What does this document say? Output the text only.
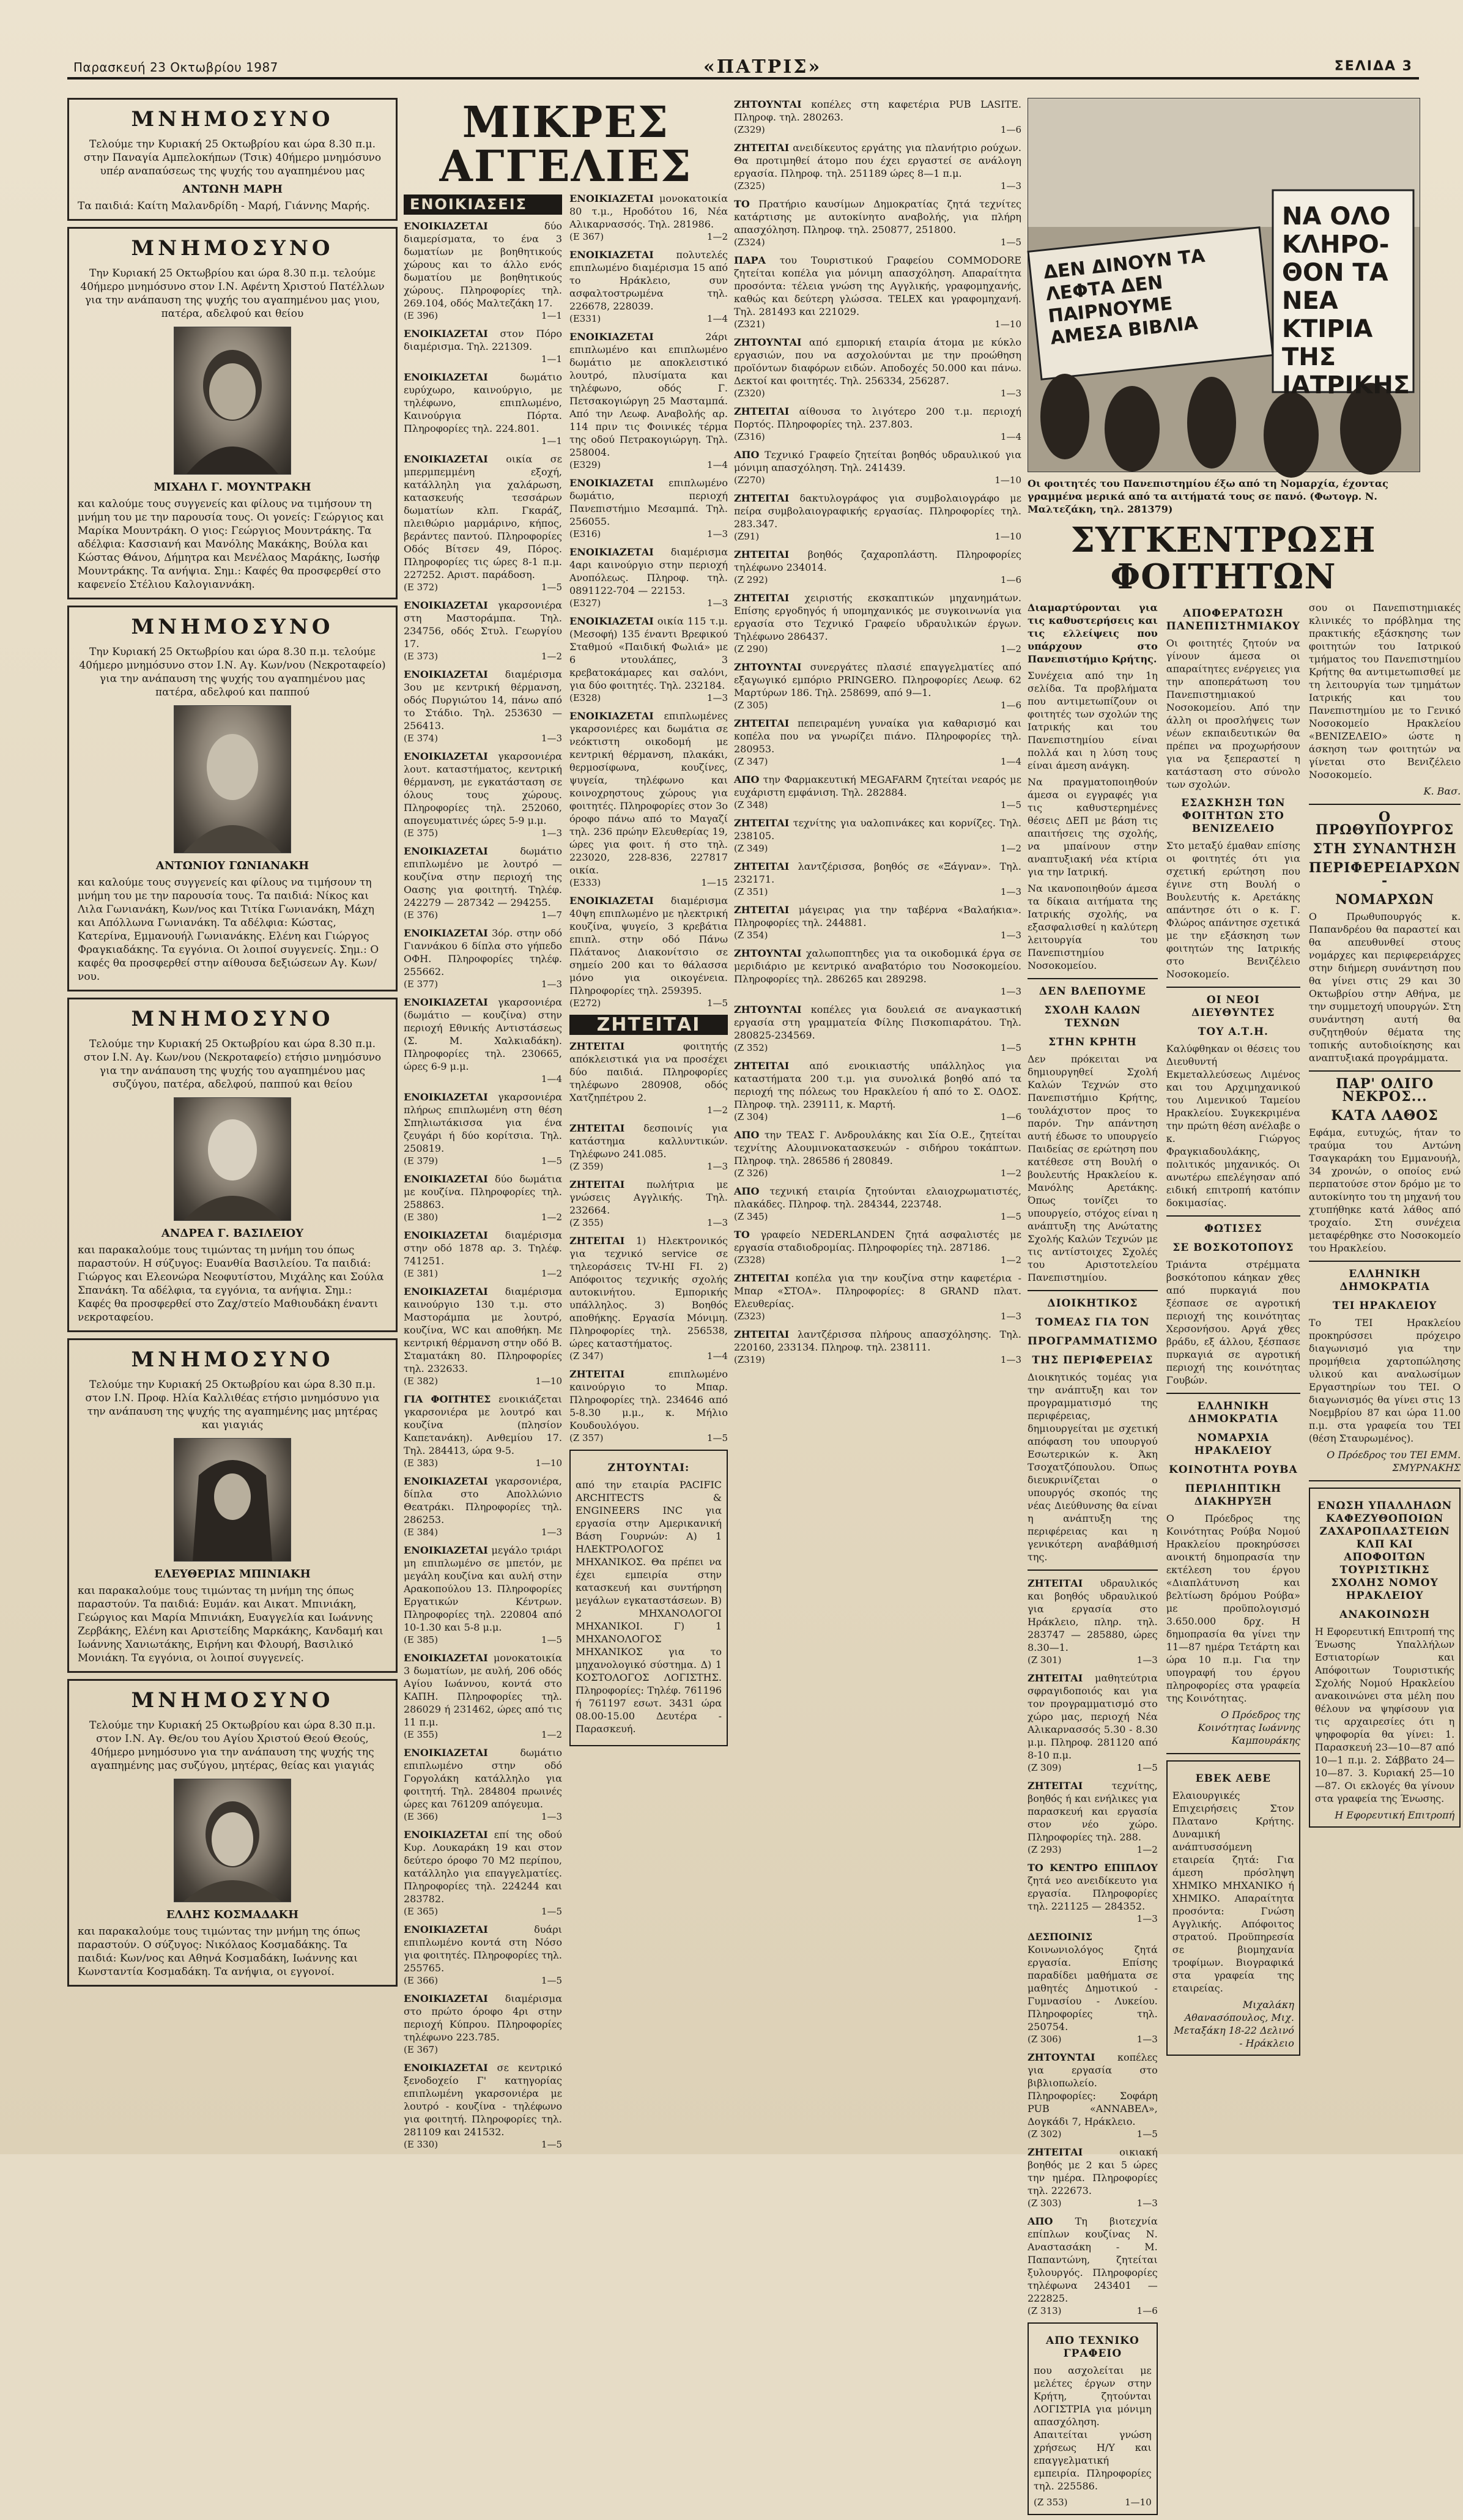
Παρασκευή 23 Οκτωβρίου 1987	«ΠΑΤΡΙΣ»	ΣΕΛΙΔΑ 3
ΜΝΗΜΟΣΥΝΟ
Τελούμε την Κυριακή 25 Οκτωβρίου και ώρα 8.30 π.μ. στην Παναγία Αμπελοκήπων (Τσικ) 40ήμερο μνημόσυνο υπέρ αναπαύσεως της ψυχής του αγαπημένου μας
ΑΝΤΩΝΗ ΜΑΡΗ
Τα παιδιά: Καίτη Μαλανδρίδη - Μαρή, Γιάννης Μαρής.
ΜΝΗΜΟΣΥΝΟ
Την Κυριακή 25 Οκτωβρίου και ώρα 8.30 π.μ. τελούμε 40ήμερο μνημόσυνο στον Ι.Ν. Αφέντη Χριστού Πατέλλων για την ανάπαυση της ψυχής του αγαπημένου μας γιου, πατέρα, αδελφού και θείου
ΜΙΧΑΗΛ Γ. ΜΟΥΝΤΡΑΚΗ
και καλούμε τους συγγενείς και φίλους να τιμήσουν τη μνήμη του με την παρουσία τους. Οι γονείς: Γεώργιος και Μαρίκα Μουντράκη. Ο γιος: Γεώργιος Μουντράκης. Τα αδέλφια: Κασσιανή και Μανόλης Μακάκης, Βούλα και Κώστας Θάνου, Δήμητρα και Μενέλαος Μαράκης, Ιωσήφ Μουντράκης. Τα ανήψια. Σημ.: Καφές θα προσφερθεί στο καφενείο Στέλιου Καλογιαννάκη.
ΜΝΗΜΟΣΥΝΟ
Την Κυριακή 25 Οκτωβρίου και ώρα 8.30 π.μ. τελούμε 40ήμερο μνημόσυνο στον Ι.Ν. Αγ. Κων/νου (Νεκροταφείο) για την ανάπαυση της ψυχής του αγαπημένου μας πατέρα, αδελφού και παππού
ΑΝΤΩΝΙΟΥ ΓΩΝΙΑΝΑΚΗ
και καλούμε τους συγγενείς και φίλους να τιμήσουν τη μνήμη του με την παρουσία τους. Τα παιδιά: Νίκος και Λιλα Γωνιανάκη, Κων/νος και Τιτίκα Γωνιανάκη, Μάχη και Απόλλωνα Γωνιανάκη. Τα αδέλφια: Κώστας, Κατερίνα, Εμμανουήλ Γωνιανάκης. Ελένη και Γιώργος Φραγκιαδάκης. Τα εγγόνια. Οι λοιποί συγγενείς. Σημ.: Ο καφές θα προσφερθεί στην αίθουσα δεξιώσεων Αγ. Κων/νου.
ΜΝΗΜΟΣΥΝΟ
Τελούμε την Κυριακή 25 Οκτωβρίου και ώρα 8.30 π.μ. στον Ι.Ν. Αγ. Κων/νου (Νεκροταφείο) ετήσιο μνημόσυνο για την ανάπαυση της ψυχής του αγαπημένου μας συζύγου, πατέρα, αδελφού, παππού και θείου
ΑΝΔΡΕΑ Γ. ΒΑΣΙΛΕΙΟΥ
και παρακαλούμε τους τιμώντας τη μνήμη του όπως παραστούν. Η σύζυγος: Ευανθία Βασιλείου. Τα παιδιά: Γιώργος και Ελεονώρα Νεοφυτίστου, Μιχάλης και Σούλα Σπανάκη. Τα αδέλφια, τα εγγόνια, τα ανήψια. Σημ.: Καφές θα προσφερθεί στο Ζαχ/στείο Μαθιουδάκη έναντι νεκροταφείου.
ΜΝΗΜΟΣΥΝΟ
Τελούμε την Κυριακή 25 Οκτωβρίου και ώρα 8.30 π.μ. στον Ι.Ν. Προφ. Ηλία Καλλιθέας ετήσιο μνημόσυνο για την ανάπαυση της ψυχής της αγαπημένης μας μητέρας και γιαγιάς
ΕΛΕΥΘΕΡΙΑΣ ΜΠΙΝΙΑΚΗ
και παρακαλούμε τους τιμώντας τη μνήμη της όπως παραστούν. Τα παιδιά: Ευμάν. και Αικατ. Μπινιάκη, Γεώργιος και Μαρία Μπινιάκη, Ευαγγελία και Ιωάννης Ζερβάκης, Ελένη και Αριστείδης Μαρκάκης, Κανδαμή και Ιωάννης Χανιωτάκης, Ειρήνη και Φλουρή, Βασιλικό Μονιάκη. Τα εγγόνια, οι λοιποί συγγενείς.
ΜΝΗΜΟΣΥΝΟ
Τελούμε την Κυριακή 25 Οκτωβρίου και ώρα 8.30 π.μ. στον Ι.Ν. Αγ. Θε/ου του Αγίου Χριστού Θεού Θεούς, 40ήμερο μνημόσυνο για την ανάπαυση της ψυχής της αγαπημένης μας συζύγου, μητέρας, θείας και γιαγιάς
ΕΛΛΗΣ ΚΟΣΜΑΔΑΚΗ
και παρακαλούμε τους τιμώντας την μνήμη της όπως παραστούν. Ο σύζυγος: Νικόλαος Κοσμαδάκης. Τα παιδιά: Κων/νος και Αθηνά Κοσμαδάκη, Ιωάννης και Κωνσταντία Κοσμαδάκη. Τα ανήψια, οι εγγονοί.
ΜΙΚΡΕΣ ΑΓΓΕΛΙΕΣ
ΕΝΟΙΚΙΑΣΕΙΣ
ΕΝΟΙΚΙΑΖΕΤΑΙ	δύο διαμερίσματα, το ένα 3 δωματίων με βοηθητικούς χώρους και το άλλο ενός δωματίου με βοηθητικούς χώρους. Πληροφορίες τηλ. 269.104, οδός Μαλτεζάκη 17.
(Ε 396)	1—1
ΕΝΟΙΚΙΑΖΕΤΑΙ στον Πόρο διαμέρισμα. Τηλ. 221309.
1—1
ΕΝΟΙΚΙΑΖΕΤΑΙ	δωμάτιο ευρύχωρο, καινούργιο, με τηλέφωνο, επιπλωμένο, Καινούργια Πόρτα. Πληροφορίες τηλ. 224.801.
1—1
ΕΝΟΙΚΙΑΖΕΤΑΙ οικία σε μπερμπεμμένη εξοχή, κατάλληλη για χαλάρωση, κατασκευής τεσσάρων δωματίων κλπ. Γκαράζ, πλειθώριο μαρμάρινο, κήπος, βεράντες παντού. Πληροφορίες Οδός Βίτσεν 49, Πόρος. Πληροφορίες τις ώρες 8-1 π.μ. 227252. Αριστ. παράδοση.
(Ε 372)	1—5
ΕΝΟΙΚΙΑΖΕΤΑΙ γκαρσονιέρα στη Μαστοράμπα. Τηλ. 234756, οδός Στυλ. Γεωργίου 17.
(Ε 373)	1—2
ΕΝΟΙΚΙΑΖΕΤΑΙ διαμέρισμα 3ου με κεντρική θέρμανση, οδός Πυργιώτου 14, πάνω από το Στάδιο. Τηλ. 253630 — 256413.
(Ε 374)	1—3
ΕΝΟΙΚΙΑΖΕΤΑΙ γκαρσονιέρα λουτ. καταστήματος, κεντρική θέρμανση, με εγκατάσταση σε όλους τους χώρους. Πληροφορίες τηλ. 252060, απογευματινές ώρες 5-9 μ.μ.
(Ε 375)	1—3
ΕΝΟΙΚΙΑΖΕΤΑΙ	δωμάτιο επιπλωμένο με λουτρό — κουζίνα στην περιοχή της Οασης για φοιτητή. Τηλέφ. 242279 — 287342 — 294255.
(Ε 376)	1—7
ΕΝΟΙΚΙΑΖΕΤΑΙ 3όρ. στην οδό Γιαννάκου 6 δίπλα στο γήπεδο ΟΦΗ. Πληροφορίες τηλέφ. 255662.
(Ε 377)	1—3
ΕΝΟΙΚΙΑΖΕΤΑΙ γκαρσονιέρα (δωμάτιο — κουζίνα) στην περιοχή Εθνικής Αντιστάσεως (Σ. Μ. Χαλκιαδάκη). Πληροφορίες τηλ. 230665, ώρες 6-9 μ.μ.
1—4
ΕΝΟΙΚΙΑΖΕΤΑΙ γκαρσονιέρα πλήρως επιπλωμένη στη θέση Σπηλιωτάκισσα για ένα ζευγάρι ή δύο κορίτσια. Τηλ. 250819.
(Ε 379)	1—5
ΕΝΟΙΚΙΑΖΕΤΑΙ δύο δωμάτια με κουζίνα. Πληροφορίες τηλ. 258863.
(Ε 380)	1—2
ΕΝΟΙΚΙΑΖΕΤΑΙ διαμέρισμα στην οδό 1878 αρ. 3. Τηλέφ. 741251.
(Ε 381)	1—2
ΕΝΟΙΚΙΑΖΕΤΑΙ διαμέρισμα καινούργιο 130 τ.μ. στο Μαστοράμπα με λουτρό, κουζίνα, WC και αποθήκη. Με κεντρική θέρμανση στην οδό Β. Σταματάκη 80. Πληροφορίες τηλ. 232633.
(Ε 382)	1—10
ΓΙΑ ΦΟΙΤΗΤΕΣ ενοικιάζεται γκαρσονιέρα με λουτρό και κουζίνα (πλησίον Καπετανάκη). Ανθεμίου 17. Τηλ. 284413, ώρα 9-5.
(Ε 383)	1—10
ΕΝΟΙΚΙΑΖΕΤΑΙ γκαρσονιέρα, δίπλα στο Απολλώνιο Θεατράκι. Πληροφορίες τηλ. 286253.
(Ε 384)	1—3
ΕΝΟΙΚΙΑΖΕΤΑΙ μεγάλο τριάρι μη επιπλωμένο σε μπετόν, με μεγάλη κουζίνα και αυλή στην Αρακοπούλου 13. Πληροφορίες Εργατικών Κέντρων. Πληροφορίες τηλ. 220804 από 10-1.30 και 5-8 μ.μ.
(Ε 385)	1—5
ΕΝΟΙΚΙΑΖΕΤΑΙ μονοκατοικία 3 δωματίων, με αυλή, 206 οδός Αγίου Ιωάννου, κοντά στο ΚΑΠΗ. Πληροφορίες τηλ. 286029 ή 231462, ώρες από τις 11 π.μ.
(Ε 355)	1—2
ΕΝΟΙΚΙΑΖΕΤΑΙ	δωμάτιο επιπλωμένο στην οδό Γοργολάκη κατάλληλο για φοιτητή. Τηλ. 284804 πρωινές ώρες και 761209 απόγευμα.
(Ε 366)	1—3
ΕΝΟΙΚΙΑΖΕΤΑΙ επί της οδού Κυρ. Λουκαράκη 19 και στον δεύτερο όροφο 70 Μ2 περίπου, κατάλληλο για επαγγελματίες. Πληροφορίες τηλ. 224244 και 283782.
(Ε 365)	1—5
ΕΝΟΙΚΙΑΖΕΤΑΙ	δυάρι επιπλωμένο κοντά στη Νόσο για φοιτητές. Πληροφορίες τηλ. 255765.
(Ε 366)	1—5
ΕΝΟΙΚΙΑΖΕΤΑΙ διαμέρισμα στο πρώτο όροφο 4ρι στην περιοχή Κύπρου. Πληροφορίες τηλέφωνο 223.785.
(Ε 367)
ΕΝΟΙΚΙΑΖΕΤΑΙ σε κεντρικό ξενοδοχείο Γ' κατηγορίας επιπλωμένη γκαρσονιέρα με λουτρό - κουζίνα - τηλέφωνο για φοιτητή. Πληροφορίες τηλ. 281109 και 241532.
(Ε 330)	1—5
ΕΝΟΙΚΙΑΖΕΤΑΙ μονοκατοικία 80 τ.μ., Ηροδότου 16, Νέα Αλικαρνασσός. Τηλ. 281986.
(Ε 367)	1—2
ΕΝΟΙΚΙΑΖΕΤΑΙ πολυτελές επιπλωμένο διαμέρισμα 15 από το Ηράκλειο, συν ασφαλτοστρωμένα τηλ. 226678, 228039.
(Ε331)	1—4
ΕΝΟΙΚΙΑΖΕΤΑΙ	2άρι επιπλωμένο και επιπλωμένο δωμάτιο με αποκλειστικό λουτρό, πλυσίματα και τηλέφωνο, οδός Γ. Πετσακογιώργη 25 Μασταμπά. Από την Λεωφ. Αναβολής αρ. 114 πριν τις Φοινικές τέρμα της οδού Πετρακογιώργη. Τηλ. 258004.
(Ε329)	1—4
ΕΝΟΙΚΙΑΖΕΤΑΙ επιπλωμένο δωμάτιο, περιοχή Πανεπιστήμιο Μεσαμπά. Τηλ. 256055.
(Ε316)	1—3
ΕΝΟΙΚΙΑΖΕΤΑΙ διαμέρισμα 4αρι καινούργιο στην περιοχή Ανοπόλεως. Πληροφ. τηλ. 0891122-704 — 22153.
(Ε327)	1—3
ΕΝΟΙΚΙΑΖΕΤΑΙ οικία 115 τ.μ. (Μεσοφή) 135 έναντι Βρεφικού Σταθμού «Παιδική Φωλιά» με 6 ντουλάπες, 3 κρεβατοκάμαρες και σαλόνι, για δύο φοιτητές. Τηλ. 232184.
(Ε328)	1—3
ΕΝΟΙΚΙΑΖΕΤΑΙ επιπλωμένες γκαρσονιέρες και δωμάτια σε νεόκτιστη οικοδομή με κεντρική θέρμανση, πλακάκι, θερμοσίφωνα, κουζίνες, ψυγεία, τηλέφωνο και κοινοχρηστους χώρους για φοιτητές. Πληροφορίες στον 3ο όροφο πάνω από το Μαγαζί τηλ. 236 πρώην Ελευθερίας 19, ώρες για φοιτ. ή στο τηλ. 223020, 228-836, 227817 οικία.
(Ε333)	1—15
ΕΝΟΙΚΙΑΖΕΤΑΙ διαμέρισμα 40ψη επιπλωμένο με ηλεκτρική κουζίνα, ψυγείο, 3 κρεβάτια επιπλ. στην οδό Πάνω Πλάτανος Διακονίτσιο σε σημείο 200 και το θάλασσα μόνο για οικογένεια. Πληροφορίες τηλ. 259395.
(Ε272)	1—5
ΖΗΤΕΙΤΑΙ
ΖΗΤΕΙΤΑΙ	φοιτητής απόκλειστικά για να προσέχει δύο παιδιά. Πληροφορίες τηλέφωνο 280908, οδός Χατζηπέτρου 2.
1—2
ΖΗΤΕΙΤΑΙ δεσποινίς για κατάστημα καλλυντικών. Τηλέφωνο 241.085.
(Ζ 359)	1—3
ΖΗΤΕΙΤΑΙ πωλήτρια με γνώσεις Αγγλικής. Τηλ. 232664.
(Ζ 355)	1—3
ΖΗΤΕΙΤΑΙ 1) Ηλεκτρονικός για τεχνικό service σε τηλεοράσεις TV-HI FI. 2) Απόφοιτος τεχνικής σχολής αυτοκινήτου. Εμπορικής υπάλληλος. 3) Βοηθός αποθήκης. Εργασία Μόνιμη. Πληροφορίες τηλ. 256538, ώρες καταστήματος.
(Ζ 347)	1—4
ΖΗΤΕΙΤΑΙ	επιπλωμένο καινούργιο το Μπαρ. Πληροφορίες τηλ. 234646 από 5-8.30 μ.μ., κ. Μήλιο Κουδουλόγου.
(Ζ 357)	1—5
ΖΗΤΟΥΝΤΑΙ:
από την εταιρία PACIFIC ARCHITECTS & ENGINEERS INC για εργασία στην Αμερικανική Βάση Γουρνών: Α) 1 ΗΛΕΚΤΡΟΛΟΓΟΣ ΜΗΧΑΝΙΚΟΣ. Θα πρέπει να έχει εμπειρία στην κατασκευή και συντήρηση μεγάλων εγκαταστάσεων. Β) 2 ΜΗΧΑΝΟΛΟΓΟΙ ΜΗΧΑΝΙΚΟΙ. Γ) 1 ΜΗΧΑΝΟΛΟΓΟΣ ΜΗΧΑΝΙΚΟΣ για το μηχανολογικό σύστημα. Δ) 1 ΚΟΣΤΟΛΟΓΟΣ ΛΟΓΙΣΤΗΣ. Πληροφορίες: Τηλέφ. 761196 ή 761197 εσωτ. 3431 ώρα 08.00-15.00 Δευτέρα - Παρασκευή.
ΖΗΤΟΥΝΤΑΙ κοπέλες στη καφετέρια PUB LASITE. Πληροφ. τηλ. 280263.
(Ζ329)	1—6
ΖΗΤΕΙΤΑΙ ανειδίκευτος εργάτης για πλανήτριο ρούχων. Θα προτιμηθεί άτομο που έχει εργαστεί σε ανάλογη εργασία. Πληροφ. τηλ. 251189 ώρες 8—1 π.μ.
(Ζ325)	1—3
ΤΟ Πρατήριο καυσίμων Δημοκρατίας ζητά τεχνίτες κατάρτισης με αυτοκίνητο αναβολής, για πλήρη απασχόληση. Πληροφ. τηλ. 250877, 251800.
(Ζ324)	1—5
ΠΑΡΑ του Τουριστικού Γραφείου COMMODORE ζητείται κοπέλα για μόνιμη απασχόληση. Απαραίτητα προσόντα: τέλεια γνώση της Αγγλικής, γραφομηχανής, καθώς και δεύτερη γλώσσα. TELEX και γραφομηχανή. Τηλ. 281493 και 221029.
(Ζ321)	1—10
ΖΗΤΟΥΝΤΑΙ από εμπορική εταιρία άτομα με κύκλο εργασιών, που να ασχολούνται με την προώθηση προϊόντων διαφόρων ειδών. Αποδοχές 50.000 και πάνω. Δεκτοί και φοιτητές. Τηλ. 256334, 256287.
(Ζ320)	1—3
ΖΗΤΕΙΤΑΙ αίθουσα το λιγότερο 200 τ.μ. περιοχή Πορτός. Πληροφορίες τηλ. 237.803.
(Ζ316)	1—4
ΑΠΟ Τεχνικό Γραφείο ζητείται βοηθός υδραυλικού για μόνιμη απασχόληση. Τηλ. 241439.
(Ζ270)	1—10
ΖΗΤΕΙΤΑΙ δακτυλογράφος για συμβολαιογράφο με πείρα συμβολαιογραφικής εργασίας. Πληροφορίες τηλ. 283.347.
(Ζ91)	1—10
ΖΗΤΕΙΤΑΙ βοηθός ζαχαροπλάστη. Πληροφορίες τηλέφωνο 234014.
(Ζ 292)	1—6
ΖΗΤΕΙΤΑΙ χειριστής εκσκαπτικών μηχανημάτων. Επίσης εργοδηγός ή υπομηχανικός με συγκοινωνία για εργασία στο Τεχνικό Γραφείο υδραυλικών έργων. Τηλέφωνο 286437.
(Ζ 290)	1—2
ΖΗΤΟΥΝΤΑΙ συνεργάτες πλασιέ επαγγελματίες από εξαγωγικό εμπόριο PRINGERO. Πληροφορίες Λεωφ. 62 Μαρτύρων 186. Τηλ. 258699, από 9—1.
(Ζ 305)	1—6
ΖΗΤΕΙΤΑΙ πεπειραμένη γυναίκα για καθαρισμό και κοπέλα που να γνωρίζει πιάνο. Πληροφορίες τηλ. 280953.
(Ζ 347)	1—4
ΑΠΟ την Φαρμακευτική MEGAFARM ζητείται νεαρός με ευχάριστη εμφάνιση. Τηλ. 282884.
(Ζ 348)	1—5
ΖΗΤΕΙΤΑΙ τεχνίτης για υαλοπινάκες και κορνίζες. Τηλ. 238105.
(Ζ 349)	1—2
ΖΗΤΕΙΤΑΙ λαντζέρισσα, βοηθός σε «Ξάγναν». Τηλ. 232171.
(Ζ 351)	1—3
ΖΗΤΕΙΤΑΙ μάγειρας για την ταβέρνα «Βαλαήκια». Πληροφορίες τηλ. 244881.
(Ζ 354)	1—3
ΖΗΤΟΥΝΤΑΙ χαλωποπτηδες για τα οικοδομικά έργα σε μεριδιάριο με κεντρικό αναβατόριο του Νοσοκομείου. Πληροφορίες τηλ. 286265 και 289298.
1—3
ΖΗΤΟΥΝΤΑΙ κοπέλες για δουλειά σε αναγκαστική εργασία στη γραμματεία Φίλης Πισκοπιαράτου. Τηλ. 280825-234569.
(Ζ 352)	1—5
ΖΗΤΕΙΤΑΙ από ενοικιαστής υπάλληλος για καταστήματα 200 τ.μ. για συνολικά βοηθό από τα περιοχή της πόλεως του Ηρακλείου ή από το Σ. ΟΔΟΣ. Πληροφ. τηλ. 239111, κ. Μαρτή.
(Ζ 304)	1—6
ΑΠΟ την ΤΕΑΣ Γ. Ανδρουλάκης και Σία Ο.Ε., ζητείται τεχνίτης Αλουμινοκατασκευών - σιδήρου τοκάπτων. Πληροφ. τηλ. 286586 ή 280849.
(Ζ 326)	1—2
ΑΠΟ τεχνική εταιρία ζητούνται ελαιοχρωματιστές, πλακάδες. Πληροφ. τηλ. 284344, 223748.
(Ζ 345)	1—5
ΤΟ γραφείο NEDERLANDEN ζητά ασφαλιστές με εργασία σταδιοδρομίας. Πληροφορίες τηλ. 287186.
(Ζ328)	1—2
ΖΗΤΕΙΤΑΙ κοπέλα για την κουζίνα στην καφετέρια - Μπαρ «ΣΤΟΑ». Πληροφορίες: 8 GRAND πλατ. Ελευθερίας.
(Ζ323)	1—3
ΖΗΤΕΙΤΑΙ λαντζέρισσα πλήρους απασχόλησης. Τηλ. 220160, 233134. Πληροφ. τηλ. 238111.
(Ζ319)	1—3
ΔΕΝ ΔΙΝΟΥΝ ΤΑ ΛΕΦΤΑ ΔΕΝ ΠΑΙΡΝΟΥΜΕ ΑΜΕΣΑ ΒΙΒΛΙΑ
ΝΑ ΟΛΟ ΚΛΗΡΟ-ΘΟΝ ΤΑ ΝΕΑ ΚΤΙΡΙΑ ΤΗΣ ΙΑΤΡΙΚΗΣ
Οι φοιτητές του Πανεπιστημίου έξω από τη Νομαρχία, έχοντας γραμμένα μερικά από τα αιτήματά τους σε πανό. (Φωτογρ. Ν. Μαλτεζάκη, τηλ. 281379)
ΣΥΓΚΕΝΤΡΩΣΗ ΦΟΙΤΗΤΩΝ

Διαμαρτύρονται για τις καθυστερήσεις και τις ελλείψεις που υπάρχουν στο Πανεπιστήμιο Κρήτης.

Συνέχεια από την 1η σελίδα. Τα προβλήματα που αντιμετωπίζουν οι φοιτητές των σχολών της Ιατρικής και του Πανεπιστημίου είναι πολλά και η λύση τους είναι άμεση ανάγκη.

Να πραγματοποιηθούν άμεσα οι εγγραφές για τις καθυστερημένες θέσεις ΔΕΠ με βάση τις απαιτήσεις της σχολής, να μπαίνουν στην αναπτυξιακή νέα κτίρια για την Ιατρική.

Να ικανοποιηθούν άμεσα τα δίκαια αιτήματα της Ιατρικής σχολής, να εξασφαλισθεί η καλύτερη λειτουργία του Πανεπιστημίου Νοσοκομείου.

ΔΕΝ ΒΛΕΠΟΥΜΕ
ΣΧΟΛΗ ΚΑΛΩΝ ΤΕΧΝΩΝ
ΣΤΗΝ ΚΡΗΤΗ

Δεν πρόκειται να δημιουργηθεί Σχολή Καλών Τεχνών στο Πανεπιστήμιο Κρήτης, τουλάχιστον προς το παρόν. Την απάντηση αυτή έδωσε το υπουργείο Παιδείας σε ερώτηση που κατέθεσε στη Βουλή ο βουλευτής Ηρακλείου κ. Μανόλης Αρετάκης. Όπως τονίζει το υπουργείο, στόχος είναι η ανάπτυξη της Ανώτατης Σχολής Καλών Τεχνών με τις αντίστοιχες Σχολές του Αριστοτελείου Πανεπιστημίου.

ΔΙΟΙΚΗΤΙΚΟΣ
ΤΟΜΕΑΣ ΓΙΑ ΤΟΝ
ΠΡΟΓΡΑΜΜΑΤΙΣΜΟ
ΤΗΣ ΠΕΡΙΦΕΡΕΙΑΣ

Διοικητικός τομέας για την ανάπτυξη και τον προγραμματισμό της περιφέρειας, δημιουργείται με σχετική απόφαση του υπουργού Εσωτερικών κ. Άκη Τσοχατζόπουλου. Όπως διευκρινίζεται ο υπουργός σκοπός της νέας Διεύθυνσης θα είναι η ανάπτυξη της περιφέρειας και η γενικότερη αναβάθμισή της.

ΖΗΤΕΙΤΑΙ υδραυλικός και βοηθός υδραυλικού για εργασία στο Ηράκλειο, πληρ. τηλ. 283747 — 285880, ώρες 8.30—1.
(Ζ 301)	1—3
ΖΗΤΕΙΤΑΙ μαθητεύτρια σφραγιδοποιός και για τον προγραμματισμό στο χώρο μας, περιοχή Νέα Αλικαρνασσός 5.30 - 8.30 μ.μ. Πληροφ. 281120 από 8-10 π.μ.
(Ζ 309)	1—5
ΖΗΤΕΙΤΑΙ	τεχνίτης, βοηθός ή και ενήλικες για παρασκευή και εργασία στον νέο χώρο. Πληροφορίες τηλ. 288.
(Ζ 293)	1—2
ΤΟ ΚΕΝΤΡΟ ΕΠΙΠΛΟΥ ζητά νεο ανειδίκευτο για εργασία. Πληροφορίες τηλ. 221125 — 284352.
1—3
ΔΕΣΠΟΙΝΙΣ Κοινωνιολόγος ζητά εργασία. Επίσης παραδίδει μαθήματα σε μαθητές Δημοτικού - Γυμνασίου - Λυκείου. Πληροφορίες τηλ. 250754.
(Ζ 306)	1—3
ΖΗΤΟΥΝΤΑΙ κοπέλες για εργασία στο βιβλιοπωλείο. Πληροφορίες: Σοφάρη PUB «ΑΝΝΑΒΕΛ», Δογκάδι 7, Ηράκλειο.
(Ζ 302)	1—5
ΖΗΤΕΙΤΑΙ	οικιακή βοηθός με 2 και 5 ώρες την ημέρα. Πληροφορίες τηλ. 222673.
(Ζ 303)	1—3
ΑΠΟ Τη βιοτεχνία επίπλων κουζίνας Ν. Αναστασάκη - Μ. Παπαντώνη, ζητείται ξυλουργός. Πληροφορίες τηλέφωνα 243401 — 222825.
(Ζ 313)	1—6
ΑΠΟ ΤΕΧΝΙΚΟ ΓΡΑΦΕΙΟ

που ασχολείται με μελέτες έργων στην Κρήτη, ζητούνται ΛΟΓΙΣΤΡΙΑ για μόνιμη απασχόληση. Απαιτείται γνώση χρήσεως H/Y και επαγγελματική εμπειρία. Πληροφορίες τηλ. 225586.

(Ζ 353)	1—10
ΑΠΟΦΕΡΑΤΩΣΗ ΠΑΝΕΠΙΣΤΗΜΙΑΚΟΥ

Οι φοιτητές ζητούν να γίνουν άμεσα οι απαραίτητες ενέργειες για την αποπεράτωση του Πανεπιστημιακού Νοσοκομείου. Από την άλλη οι προσλήψεις των νέων εκπαιδευτικών θα πρέπει να προχωρήσουν για να ξεπεραστεί η κατάσταση στο σύνολο των σχολών.

ΕΣΑΣΚΗΣΗ ΤΩΝ ΦΟΙΤΗΤΩΝ ΣΤΟ ΒΕΝΙΖΕΛΕΙΟ

Στο μεταξύ έμαθαν επίσης οι φοιτητές ότι για σχετική ερώτηση που έγινε στη Βουλή ο Βουλευτής κ. Αρετάκης απάντησε ότι ο κ. Γ. Φλώρος απάντησε σχετικά με την εξάσκηση των φοιτητών της Ιατρικής στο Βενιζέλειο Νοσοκομείο.

ΟΙ ΝΕΟΙ ΔΙΕΥΘΥΝΤΕΣ
ΤΟΥ Α.Τ.Η.

Καλύφθηκαν οι θέσεις του Διευθυντή Εκμεταλλεύσεως Λιμένος και του Αρχιμηχανικού του Λιμενικού Ταμείου Ηρακλείου. Συγκεκριμένα την πρώτη θέση ανέλαβε ο κ. Γιώργος Φραγκιαδουλάκης, πολιτικός μηχανικός. Οι ανωτέρω επελέγησαν από ειδική επιτροπή κατόπιν δοκιμασίας.

ΦΩΤΙΣΕΣ
ΣΕ ΒΟΣΚΟΤΟΠΟΥΣ

Τριάντα στρέμματα βοσκότοπου κάηκαν χθες από πυρκαγιά που ξέσπασε σε αγροτική περιοχή της κοινότητας Χερσονήσου. Αργά χθες βράδυ, εξ άλλου, ξέσπασε πυρκαγιά σε αγροτική περιοχή της κοινότητας Γουβών.

ΕΛΛΗΝΙΚΗ ΔΗΜΟΚΡΑΤΙΑ
ΝΟΜΑΡΧΙΑ ΗΡΑΚΛΕΙΟΥ
ΚΟΙΝΟΤΗΤΑ ΡΟΥΒΑ
ΠΕΡΙΛΗΠΤΙΚΗ ΔΙΑΚΗΡΥΞΗ

Ο Πρόεδρος της Κοινότητας Ρούβα Νομού Ηρακλείου προκηρύσσει ανοικτή δημοπρασία την εκτέλεση του έργου «Διαπλάτυνση και βελτίωση δρόμου Ρούβα» με προϋπολογισμό 3.650.000 δρχ. Η δημοπρασία θα γίνει την 11—87 ημέρα Τετάρτη και ώρα 10 π.μ. Για την υπογραφή του έργου πληροφορίες στα γραφεία της Κοινότητας.

Ο Πρόεδρος της Κοινότητας Ιωάννης Καμπουράκης
ΕΒΕΚ ΑΕΒΕ

Ελαιουργικές Επιχειρήσεις Στον Πλατανο Κρήτης. Δυναμική ανάπτυσσόμενη εταιρεία ζητά: Για άμεση πρόσληψη ΧΗΜΙΚΟ ΜΗΧΑΝΙΚΟ ή ΧΗΜΙΚΟ. Απαραίτητα προσόντα: Γνώση Αγγλικής. Απόφοιτος στρατού. Προϋπηρεσία σε βιομηχανία τροφίμων. Βιογραφικά στα γραφεία της εταιρείας.

Μιχαλάκη Αθανασόπουλος, Μιχ. Μεταξάκη 18-22 Δελινό - Ηράκλειο

σου οι Πανεπιστημιακές κλινικές το πρόβλημα της πρακτικής εξάσκησης των φοιτητών του Ιατρικού τμήματος του Πανεπιστημίου Κρήτης θα αντιμετωπισθεί με τη λειτουργία των τμημάτων Ιατρικής και του Πανεπιστημίου με το Γενικό Νοσοκομείο Ηρακλείου «ΒΕΝΙΖΕΛΕΙΟ» ώστε η άσκηση των φοιτητών να γίνεται στο Βενιζέλειο Νοσοκομείο.

Κ. Βασ.
Ο ΠΡΩΘΥΠΟΥΡΓΟΣ
ΣΤΗ ΣΥΝΑΝΤΗΣΗ
ΠΕΡΙΦΕΡΕΙΑΡΧΩΝ -
ΝΟΜΑΡΧΩΝ

Ο Πρωθυπουργός κ. Παπανδρέου θα παραστεί και θα απευθυνθεί στους νομάρχες και περιφερειάρχες στην διήμερη συνάντηση που θα γίνει στις 29 και 30 Οκτωβρίου στην Αθήνα, με την συμμετοχή υπουργών. Στη συνάντηση αυτή θα συζητηθούν θέματα της τοπικής αυτοδιοίκησης και αναπτυξιακά προγράμματα.

ΠΑΡ' ΟΛΙΓΟ ΝΕΚΡΟΣ...
ΚΑΤΑ ΛΑΘΟΣ

Εφάμα, ευτυχώς, ήταν το τραύμα του Αντώνη Τσαγκαράκη του Εμμανουήλ, 34 χρονών, ο οποίος ενώ περπατούσε στον δρόμο με το αυτοκίνητο του τη μηχανή του χτυπήθηκε κατά λάθος από τροχαίο. Στη συνέχεια μεταφέρθηκε στο Νοσοκομείο του Ηρακλείου.

ΕΛΛΗΝΙΚΗ ΔΗΜΟΚΡΑΤΙΑ
ΤΕΙ ΗΡΑΚΛΕΙΟΥ

Το ΤΕΙ Ηρακλείου προκηρύσσει πρόχειρο διαγωνισμό για την προμήθεια χαρτοπώλησης υλικού και αναλωσίμων Εργαστηρίων του ΤΕΙ. Ο διαγωνισμός θα γίνει στις 13 Νοεμβρίου 87 και ώρα 11.00 π.μ. στα γραφεία του ΤΕΙ (θέση Σταυρωμένος).

Ο Πρόεδρος του ΤΕΙ ΕΜΜ. ΣΜΥΡΝΑΚΗΣ
ΕΝΩΣΗ ΥΠΑΛΛΗΛΩΝ ΚΑΦΕΖΥΘΟΠΟΙΩΝ ΖΑΧΑΡΟΠΛΑΣΤΕΙΩΝ ΚΛΠ ΚΑΙ ΑΠΟΦΟΙΤΩΝ ΤΟΥΡΙΣΤΙΚΗΣ ΣΧΟΛΗΣ ΝΟΜΟΥ ΗΡΑΚΛΕΙΟΥ
ΑΝΑΚΟΙΝΩΣΗ

Η Εφορευτική Επιτροπή της Ένωσης Υπαλλήλων Εστιατορίων και Απόφοιτων Τουριστικής Σχολής Νομού Ηρακλείου ανακοινώνει στα μέλη που θέλουν να ψηφίσουν για τις αρχαιρεσίες ότι η ψηφοφορία θα γίνει: 1. Παρασκευή 23—10—87 από 10—1 π.μ. 2. Σάββατο 24—10—87. 3. Κυριακή 25—10—87. Οι εκλογές θα γίνουν στα γραφεία της Ένωσης.

Η Εφορευτική Επιτροπή
